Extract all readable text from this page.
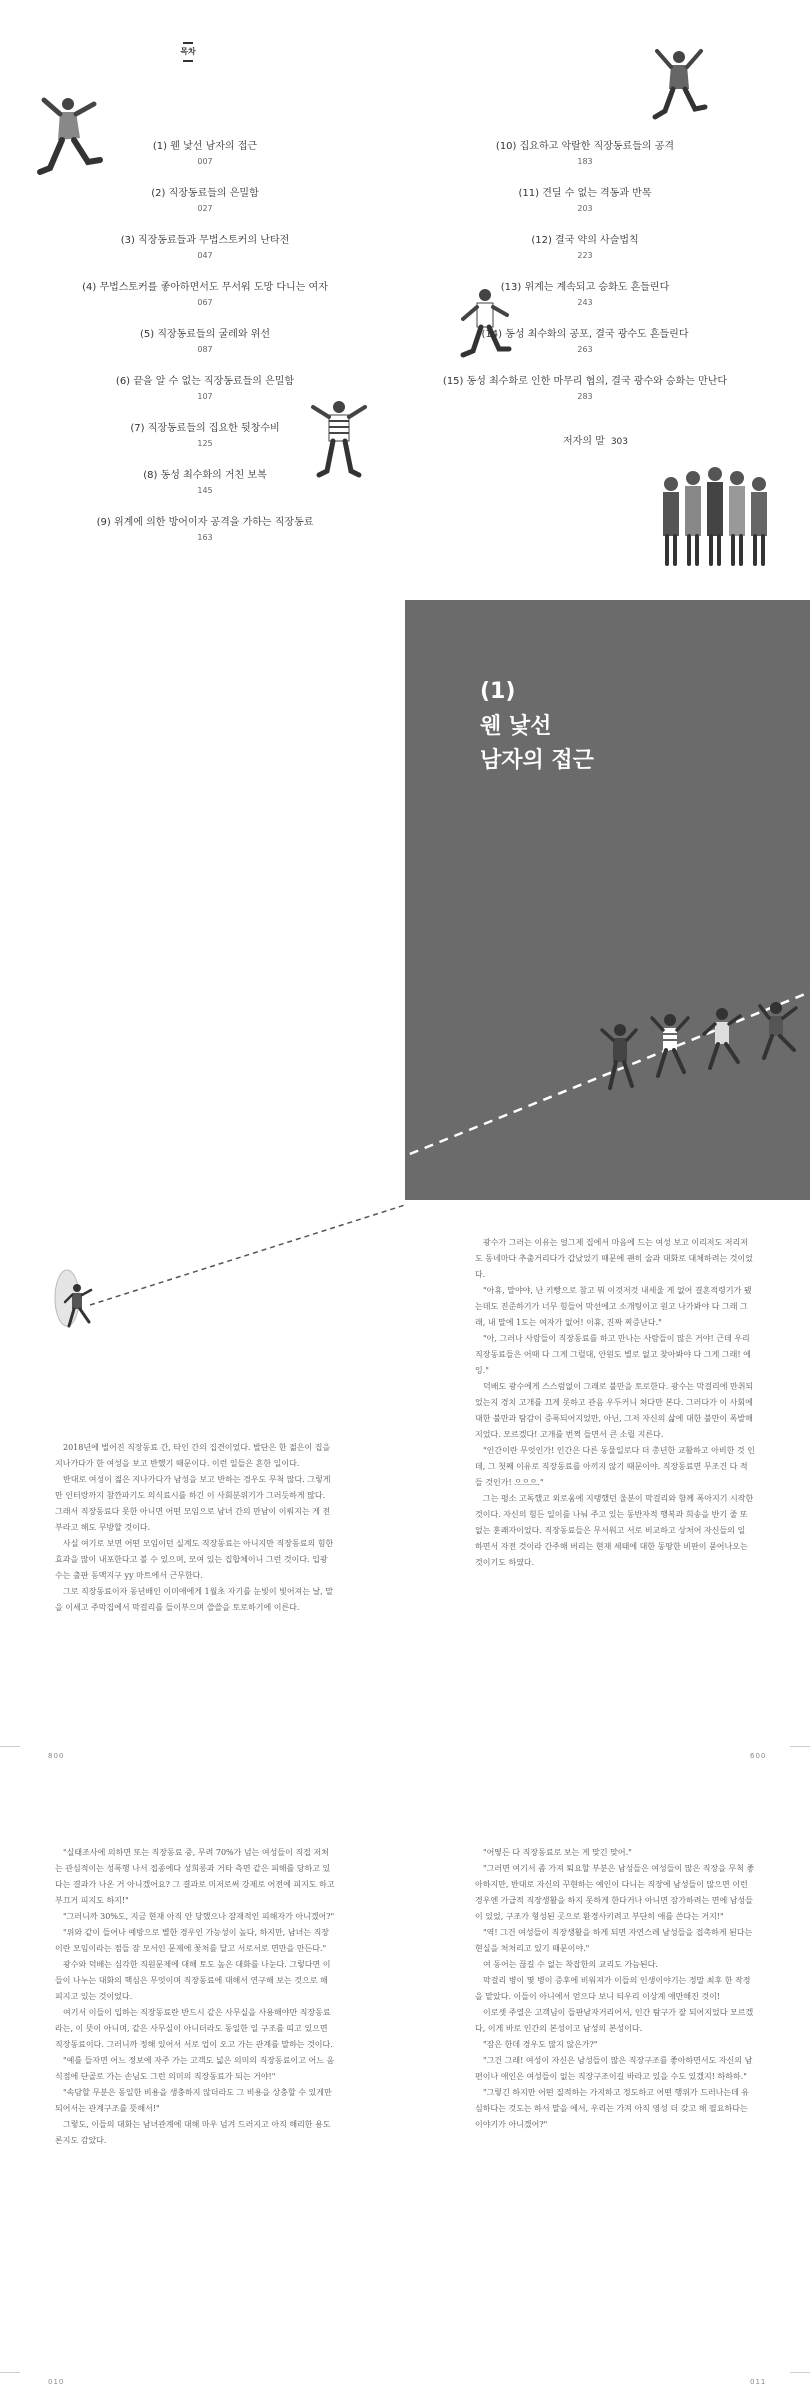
목차
(1) 웬 낯선 남자의 접근
007
(2) 직장동료들의 은밀함
027
(3) 직장동료들과 무법스토커의 난타전
047
(4) 무법스토커를 좋아하면서도 무서워 도망 다니는 여자
067
(5) 직장동료들의 굴레와 위선
087
(6) 끝을 알 수 없는 직장동료들의 은밀함
107
(7) 직장동료들의 집요한 뒷창수비
125
(8) 동성 최수화의 거친 보복
145
(9) 위계에 의한 방어이자 공격을 가하는 직장동료
163
(10) 집요하고 악랄한 직장동료들의 공격
183
(11) 견딜 수 없는 격동과 반목
203
(12) 결국 약의 사슬법칙
223
(13) 위계는 계속되고 승화도 흔들린다
243
(14) 동성 최수화의 공포, 결국 광수도 흔들린다
263
(15) 동성 최수화로 인한 마무리 협의, 결국 광수와 승화는 만난다
283
저자의 말 303
(1)
웬 낯선
남자의 접근

2018년에 벌어진 직장동료 간, 타인 간의 집견이었다. 발단은 한 젊은이 집을 지나가다가 한 여성을 보고 반했기 때문이다. 이런 일들은 흔한 일이다.

반대로 여성이 젊은 지나가다가 남성을 보고 반하는 경우도 무척 많다. 그렇게만 인터랑까지 참깐파기도 의식료시를 하긴 이 사회분위기가 그러듯하게 많다. 그래서 직장동료다 못한 아니면 어떤 모임으로 남녀 간의 만남이 이뤄지는 게 전부라고 해도 무방할 것이다.

사실 여기로 보면 어떤 모임이던 실계도 직장동료는 아니지만 직장동료의 힘한 효과을 많이 내포한다고 볼 수 있으며, 모여 있는 집합체이니 그런 것이다. 입광수는 출판 동맥지구 yy 마트에서 근무한다.

그로 직장동료이자 동년배인 이미애에게 1월초 자기를 눈빛이 빛어져는 날, 말을 이세고 주막집에서 막걸리를 들이부으며 쓸쓸을 토로하기에 이른다.

800

광수가 그러는 이유는 얼그제 집에서 마음에 드는 여성 보고 이리저도 저리저도 동네마다 추출거리다가 갑났었기 때문에 괜히 술과 대화로 대체하려는 것이었다.

"아휴, 말야야, 난 키빵으로 참고 뭐 이것저것 내세울 게 없어 결혼적령기가 됐는데도 진준하기가 너무 힘들어 막선에고 소개팅이고 원고 나가봐야 다 그래 그래, 내 말에 1도는 여자가 없어! 이휴, 진짜 찌증난다."

"아, 그러나 사람들이 직장동료를 하고 만나는 사람들이 많은 거야! 근데 우리 직장동료들은 어때 다 그게 그럴대, 안원도 별로 없고 찾아봐야 다 그게 그래! 에잉."

덕배도 광수에게 스스럼없이 그래로 불만을 토로한다. 광수는 막걸리에 만취되었는지 경치 고개를 끄게 못하고 관음 우두커니 쳐다만 본다. 그러다가 이 사회에 대한 불만과 탐감이 증폭되어지었만, 아닌, 그저 자신의 삶에 대한 불만이 폭발해지었다. 모르겠다! 고개를 번쩍 들면서 큰 소릴 지른다.

"인간이란 무엇인가! 인간은 다른 동물일로다 더 총년한 교활하고 아비한 것 인데, 그 첫째 이유로 직장동료를 아끼지 않기 때문이야. 직장동료면 무조건 다 적들 것인가! 으으으."

그는 평소 고독했고 외로움에 지탱했던 울분이 막걸리와 함께 폭아지기 시작한 것이다. 자신의 힘든 일이를 나눠 주고 있는 동반자적 행복과 희송을 반기 줄 또 없는 훈쾌자이었다. 직장동료들은 무서워고 서로 비교하고 상처어 자신들의 일 하면서 자전 것이라 간주해 버리는 현재 세태에 대한 동땅한 비판이 묻어나오는 것이기도 하였다.

600

"실태조사에 의하면 또는 직장동료 중, 무려 70%가 넘는 여성들이 직접 저쳐는 관심적이는 성폭행 나서 접종에다 성희롱과 거타 측면 같은 피해를 당하고 있다는 결과가 나온 거 아니겠어요? 그 결과로 미저로써 강제로 어전에 피지도 하고 부끄거 피지도 하지!"

"그러니까 30%도, 지금 현재 아직 안 당했으나 잠재적인 피해자가 아니겠어?"

"위와 같이 들어나 예방으로 별한 경우인 가능성이 높다, 하지만, 남녀는 직장이란 모임이라는 점들 잠 모서인 문제에 꽃처를 달고 서로서로 면만을 만든다."

광수와 덕배는 심각한 직원문제에 대해 토도 높은 대화를 나눈다. 그렇다면 이들이 나누는 대화의 핵심은 무엇이며 직장동료에 대해서 연구해 보는 것으로 해피지고 있는 것이었다.

여기서 이들이 입하는 직장동료란 반드시 같은 사무실을 사용해야만 직장동료라는, 이 뜻이 아니며, 같은 사무실이 아니더라도 동일한 일 구조를 띠고 있으면 직장동료이다. 그러니까 정해 있어서 서로 업이 오고 가는 관계를 말하는 것이다.

"예를 들자면 어느 정보에 자주 가는 고객도 넓은 의미의 직장동료이고 어느 음식점에 단골로 가는 손님도 그런 의미의 직장동료가 되는 거야!"

"속담할 무분은 동일한 비용을 생충하지 않더라도 그 비용을 상충할 수 있게만 되어서는 관계구조를 뜻해서!"

그렇도, 이들의 대화는 남녀관계에 대해 마우 넘겨 드러지고 아직 해리한 용도론지도 감았다.

010

"어떻든 다 직장동료로 보는 게 맞긴 맞어."

"그러면 여기서 좀 가져 퇴요할 부분은 남성들은 여성들이 많은 직장을 무척 좋아하지만, 반대로 자신의 꾸현하는 예인이 다니는 직장에 남성들이 많으면 이런 경우엔 가급적 직장생활을 하지 못하게 한다거나 아니면 잠가하려는 면에 남성들이 있었, 구조가 형성된 곳으로 환경사키려고 부단히 애를 쓴다는 거지!"

"역! 그건 여성들이 직장생활을 하게 되면 자연스레 남성들을 접촉하게 된다는 현실을 처처리고 있기 때문이야."

여 동어는 끊길 수 없는 착잡한의 교리도 가늠된다.

막걸리 병이 몇 병이 증후에 비워져가 이들의 인생이야기는 정말 최후 한 작정을 맡았다. 이들이 아니에서 얻으다 보니 티우리 이상계 애만해진 것이!

이로셋 주열은 고객님이 들판남자거리어서, 인간 탐구가 잘 되어지었다 모르겠다, 이게 바로 인간의 본성이고 남성의 본성이다.

"잠은 한데 경우도 많지 않은가?"

"그건 그래! 여성이 자신은 남성들이 많은 직장구조를 좋아하면서도 자신의 남편이나 애인은 여성들이 없는 직장구조이길 바라고 있을 수도 있겠지! 하하하."

"그렇긴 하지만 어떤 질적하는 가지하고 정도하고 어떤 행위가 드러나는데 유심하다는 것도는 하서 말을 에서, 우리는 가져 아직 영성 더 갖고 해 필요하다는 이야기가 아니겠어?"

011
